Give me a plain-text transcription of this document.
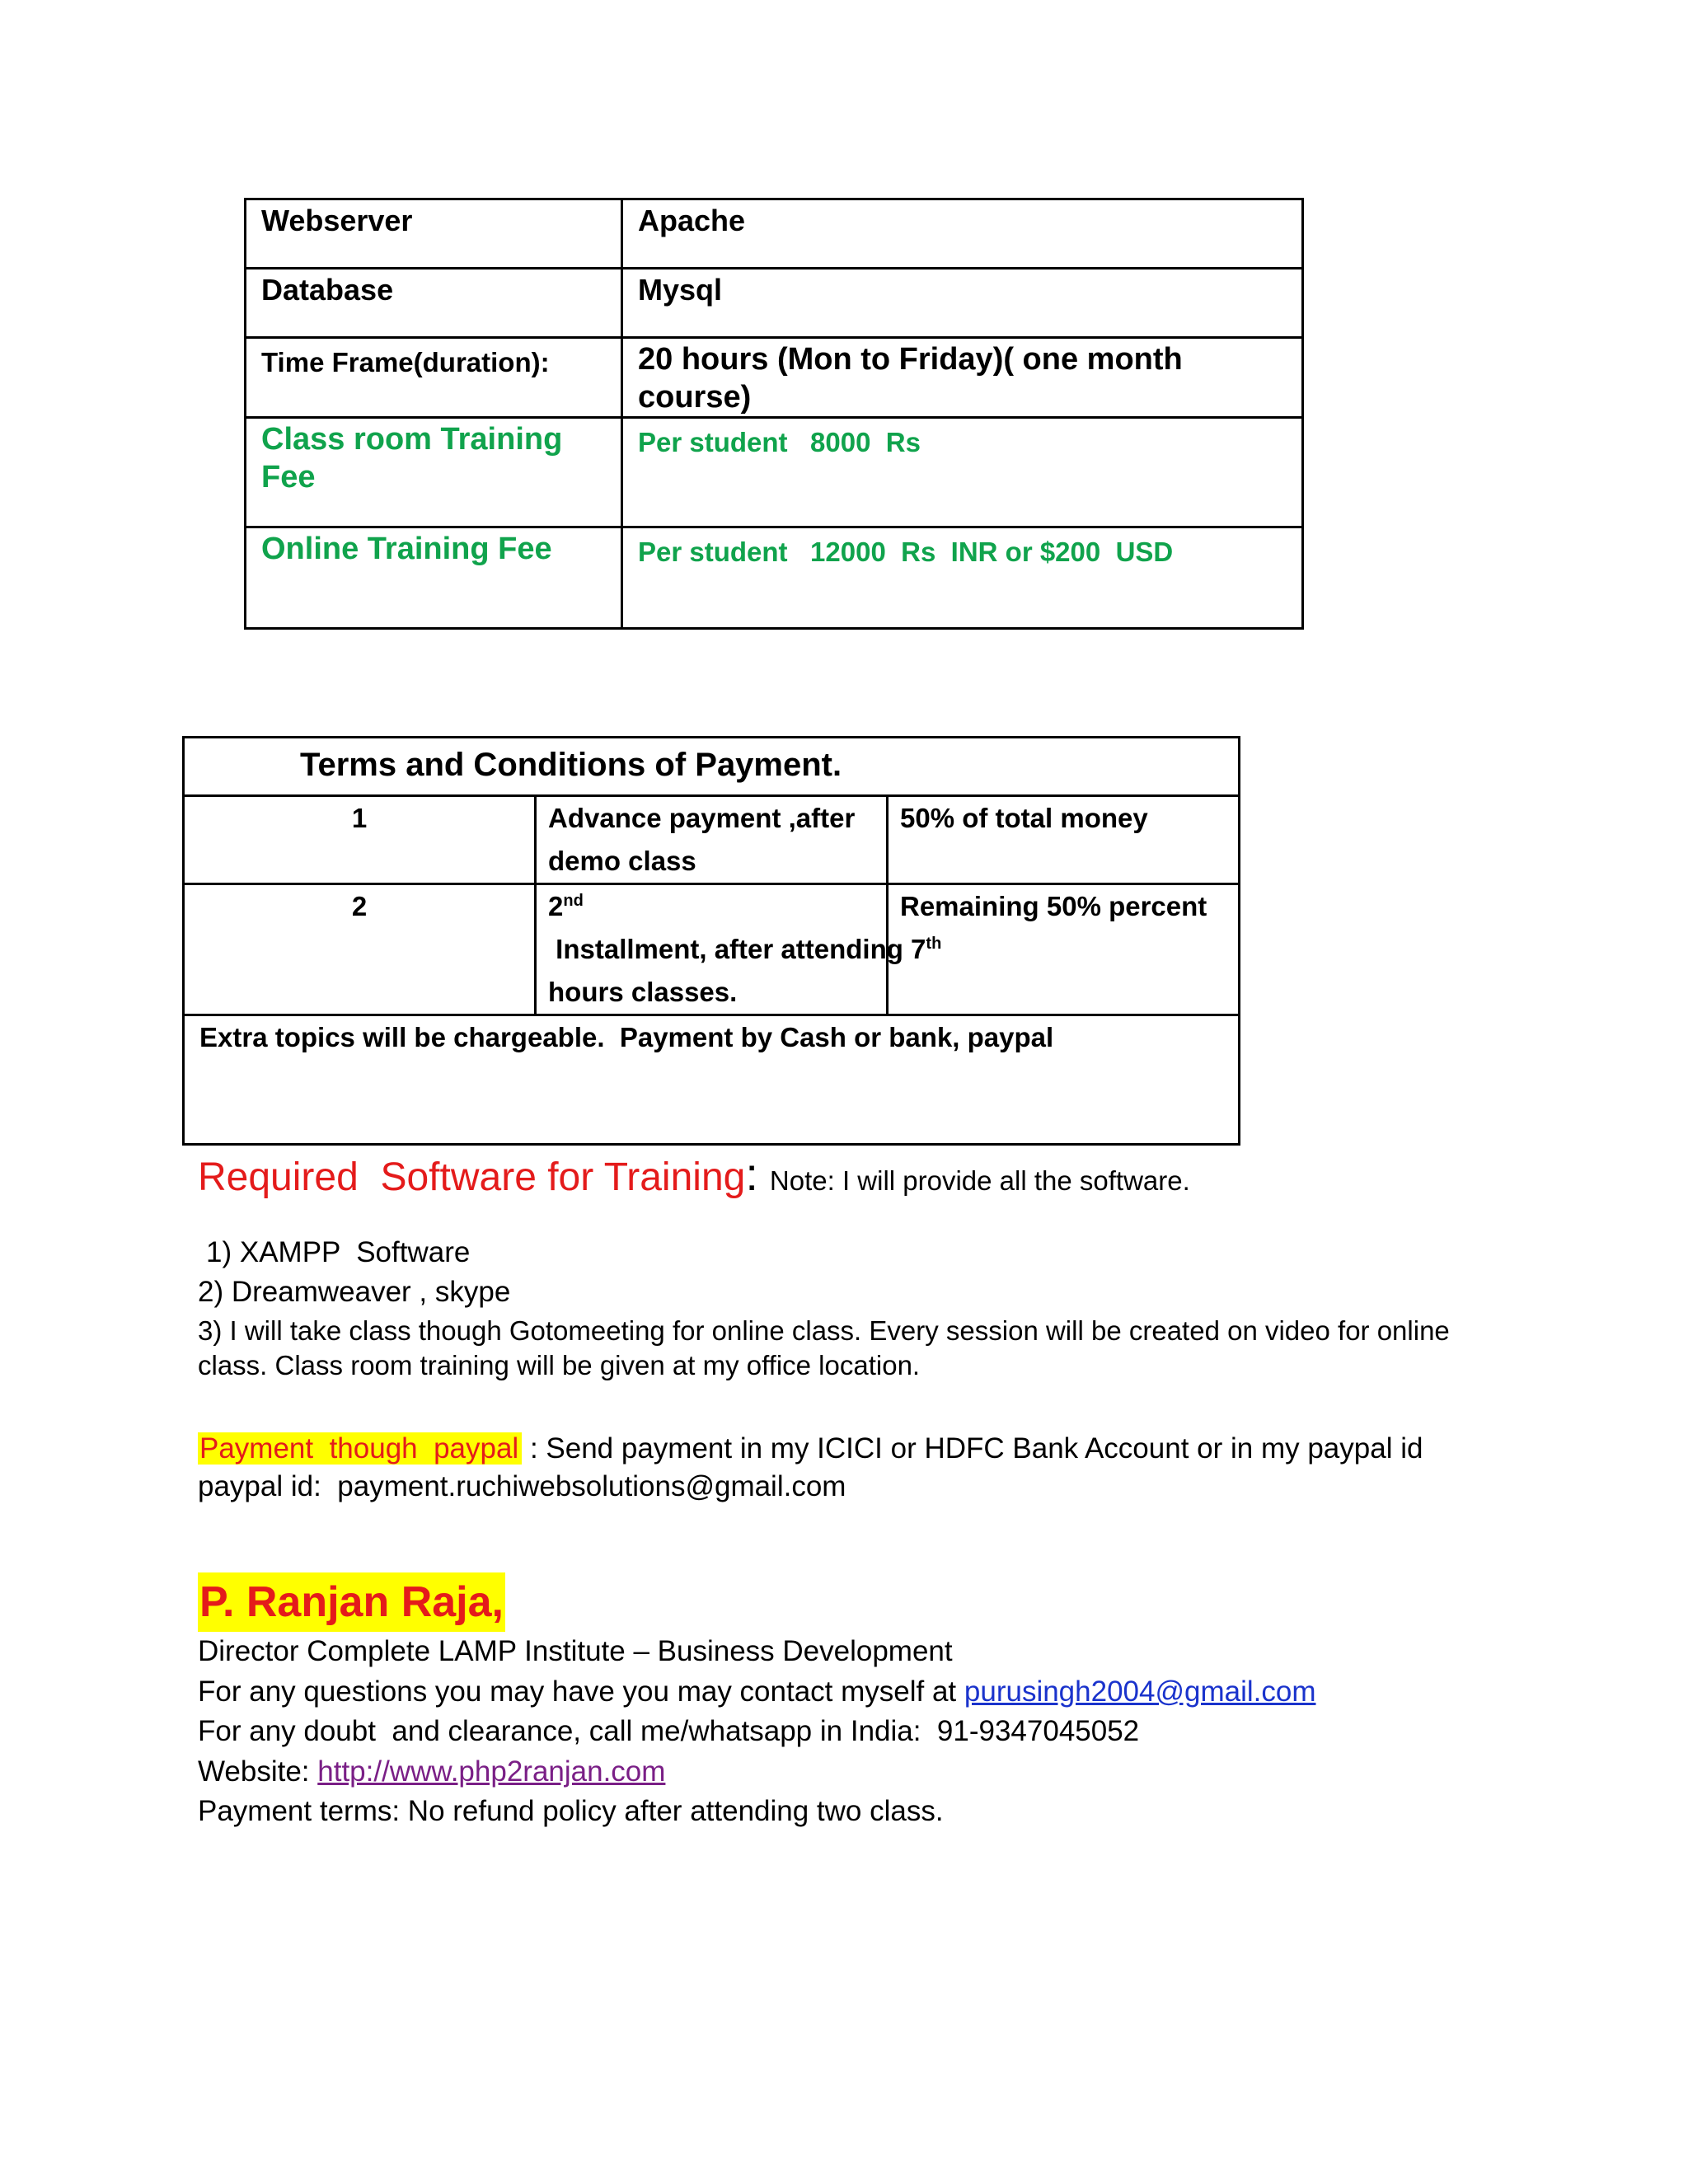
Webserver	Apache

Database	Mysql

Time Frame(duration):	20 hours (Mon to Friday)( one month course)

Class room Training Fee	Per student   8000  Rs

Online Training Fee	Per student   12000  Rs  INR or $200  USD
Terms and Conditions of Payment.		
1	Advance payment ,after demo class	50% of total money
2	2nd Installment, after attending 7th hours classes.	Remaining 50% percent
Extra topics will be chargeable.  Payment by Cash or bank, paypal		

Required  Software for Training: Note: I will provide all the software.

1) XAMPP  Software

2) Dreamweaver , skype

3) I will take class though Gotomeeting for online class. Every session will be created on video for online

class. Class room training will be given at my office location.

Payment  though  paypal : Send payment in my ICICI or HDFC Bank Account or in my paypal id

paypal id:  payment.ruchiwebsolutions@gmail.com

P. Ranjan Raja,

Director Complete LAMP Institute – Business Development

For any questions you may have you may contact myself at purusingh2004@gmail.com

For any doubt  and clearance, call me/whatsapp in India:  91-9347045052

Website: http://www.php2ranjan.com

Payment terms: No refund policy after attending two class.
